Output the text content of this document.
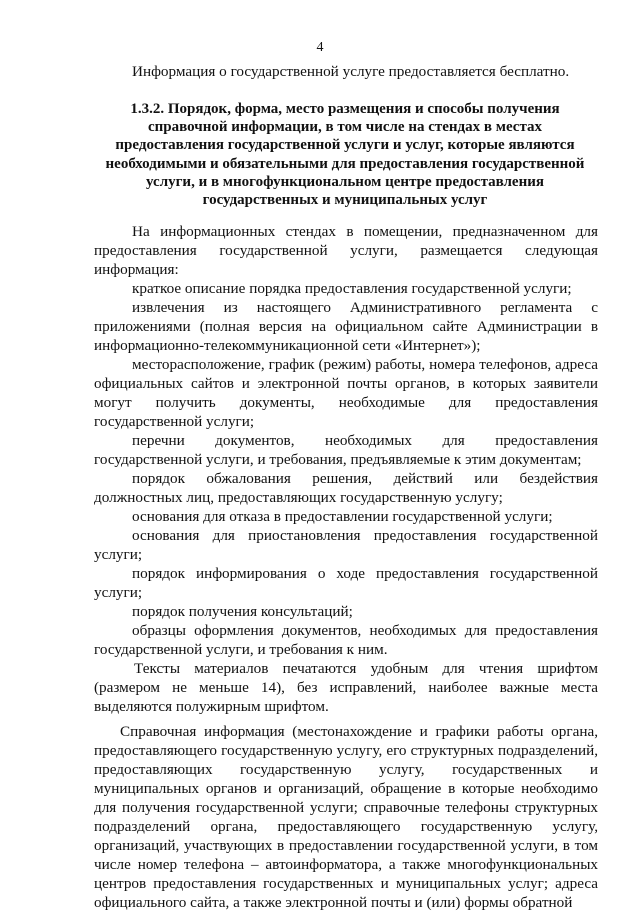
4
Информация о государственной услуге предоставляется бесплатно.
1.3.2. Порядок, форма, место размещения и способы получения справочной информации, в том числе на стендах в местах предоставления государственной услуги и услуг, которые являются необходимыми и обязательными для предоставления государственной услуги, и в многофункциональном центре предоставления государственных и муниципальных услуг

На информационных стендах в помещении, предназначенном для предоставления государственной услуги, размещается следующая информация:

краткое описание порядка предоставления государственной услуги;

извлечения из настоящего Административного регламента с приложениями (полная версия на официальном сайте Администрации в информационно-телекоммуникационной сети «Интернет»);

месторасположение, график (режим) работы, номера телефонов, адреса официальных сайтов и электронной почты органов, в которых заявители могут получить документы, необходимые для предоставления государственной услуги;

перечни документов, необходимых для предоставления государственной услуги, и требования, предъявляемые к этим документам;

порядок обжалования решения, действий или бездействия должностных лиц, предоставляющих государственную услугу;

основания для отказа в предоставлении государственной услуги;

основания для приостановления предоставления государственной услуги;

порядок информирования о ходе предоставления государственной услуги;

порядок получения консультаций;

образцы оформления документов, необходимых для предоставления государственной услуги, и требования к ним.

Тексты материалов печатаются удобным для чтения шрифтом (размером не меньше 14), без исправлений, наиболее важные места выделяются полужирным шрифтом.

Справочная информация (местонахождение и графики работы органа, предоставляющего государственную услугу, его структурных подразделений, предоставляющих государственную услугу, государственных и муниципальных органов и организаций, обращение в которые необходимо для получения государственной услуги; справочные телефоны структурных подразделений органа, предоставляющего государственную услугу, организаций, участвующих в предоставлении государственной услуги, в том числе номер телефона – автоинформатора, а также многофункциональных центров предоставления государственных и муниципальных услуг; адреса официального сайта, а также электронной почты и (или) формы обратной
